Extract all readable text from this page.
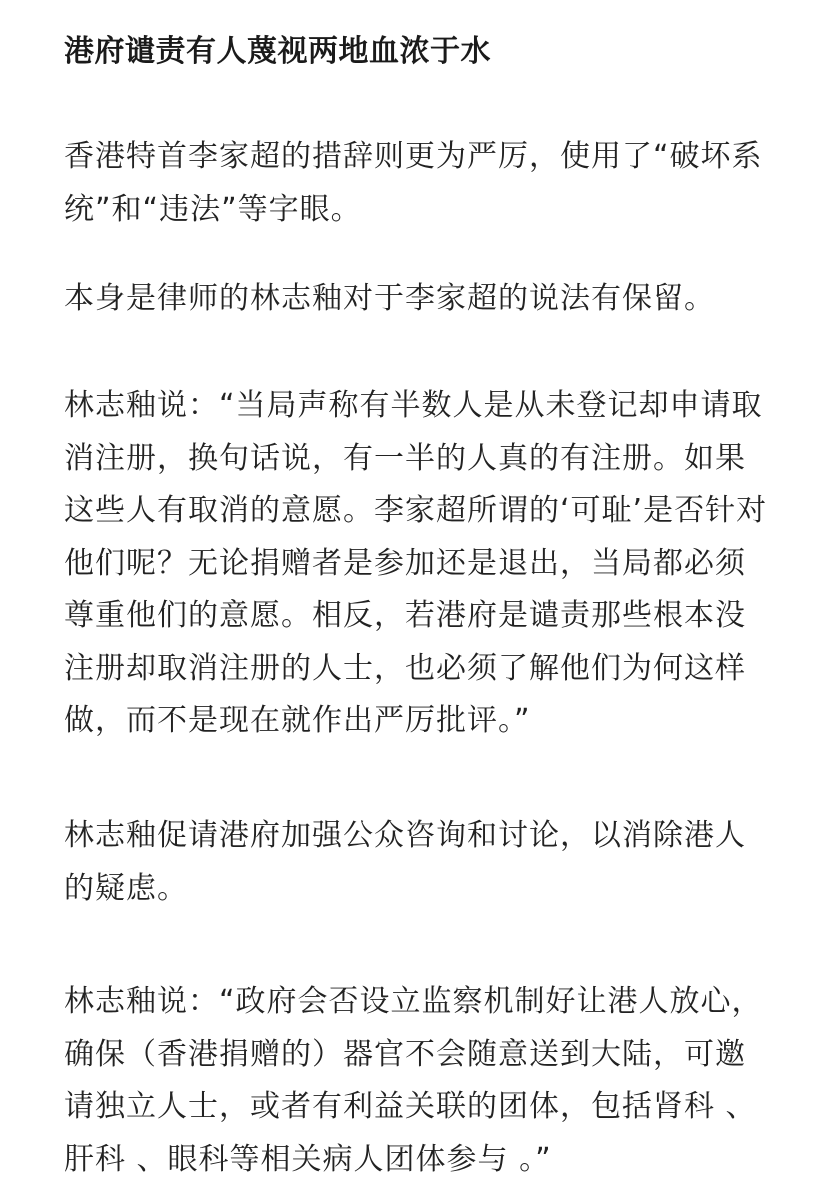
港府谴责有人蔑视两地血浓于水

香港特首李家超的措辞则更为严厉，使用了“破坏系统”和“违法”等字眼。

本身是律师的林志釉对于李家超的说法有保留。

林志釉说：“当局声称有半数人是从未登记却申请取消注册，换句话说，有一半的人真的有注册。如果这些人有取消的意愿。李家超所谓的‘可耻’是否针对他们呢？无论捐赠者是参加还是退出，当局都必须尊重他们的意愿。相反，若港府是谴责那些根本没注册却取消注册的人士，也必须了解他们为何这样做，而不是现在就作出严厉批评。”

林志釉促请港府加强公众咨询和讨论，以消除港人的疑虑。

林志釉说：“政府会否设立监察机制好让港人放心，确保（香港捐赠的）器官不会随意送到大陆，可邀请独立人士，或者有利益关联的团体，包括肾科 、肝科 、眼科等相关病人团体参与 。”
